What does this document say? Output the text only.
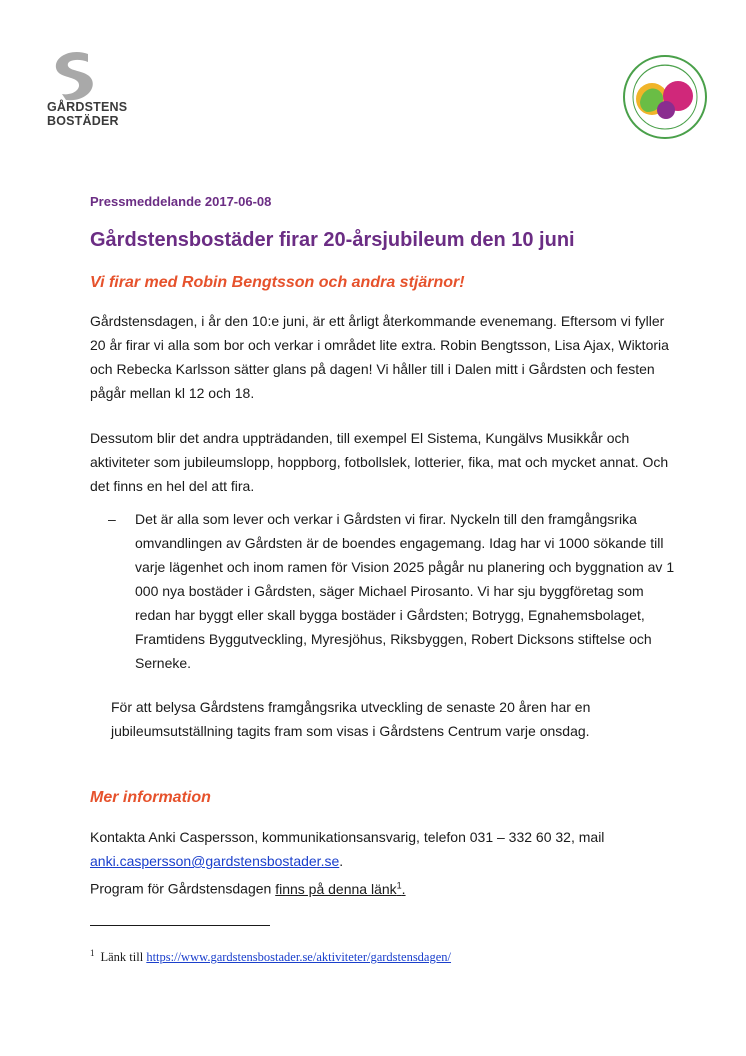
GÅRDSTENS
BOSTÄDER
Pressmeddelande 2017-06-08
Gårdstensbostäder firar 20-årsjubileum den 10 juni
Vi firar med Robin Bengtsson och andra stjärnor!

Gårdstensdagen, i år den 10:e juni, är ett årligt återkommande evenemang. Eftersom vi fyller 20 år firar vi alla som bor och verkar i området lite extra. Robin Bengtsson, Lisa Ajax, Wiktoria och Rebecka Karlsson sätter glans på dagen! Vi håller till i Dalen mitt i Gårdsten och festen pågår mellan kl 12 och 18.

Dessutom blir det andra uppträdanden, till exempel El Sistema, Kungälvs Musikkår och aktiviteter som jubileumslopp, hoppborg, fotbollslek, lotterier, fika, mat och mycket annat. Och det finns en hel del att fira.

– Det är alla som lever och verkar i Gårdsten vi firar. Nyckeln till den framgångsrika omvandlingen av Gårdsten är de boendes engagemang. Idag har vi 1000 sökande till varje lägenhet och inom ramen för Vision 2025 pågår nu planering och byggnation av 1 000 nya bostäder i Gårdsten, säger Michael Pirosanto. Vi har sju byggföretag som redan har byggt eller skall bygga bostäder i Gårdsten; Botrygg, Egnahemsbolaget, Framtidens Byggutveckling, Myresjöhus, Riksbyggen, Robert Dicksons stiftelse och Serneke.

För att belysa Gårdstens framgångsrika utveckling de senaste 20 åren har en jubileumsutställning tagits fram som visas i Gårdstens Centrum varje onsdag.

Mer information
Kontakta Anki Caspersson, kommunikationsansvarig, telefon 031 – 332 60 32, mail
anki.caspersson@gardstensbostader.se.
Program för Gårdstensdagen finns på denna länk$^1$.
$^1$ Länk till https://www.gardstensbostader.se/aktiviteter/gardstensdagen/
